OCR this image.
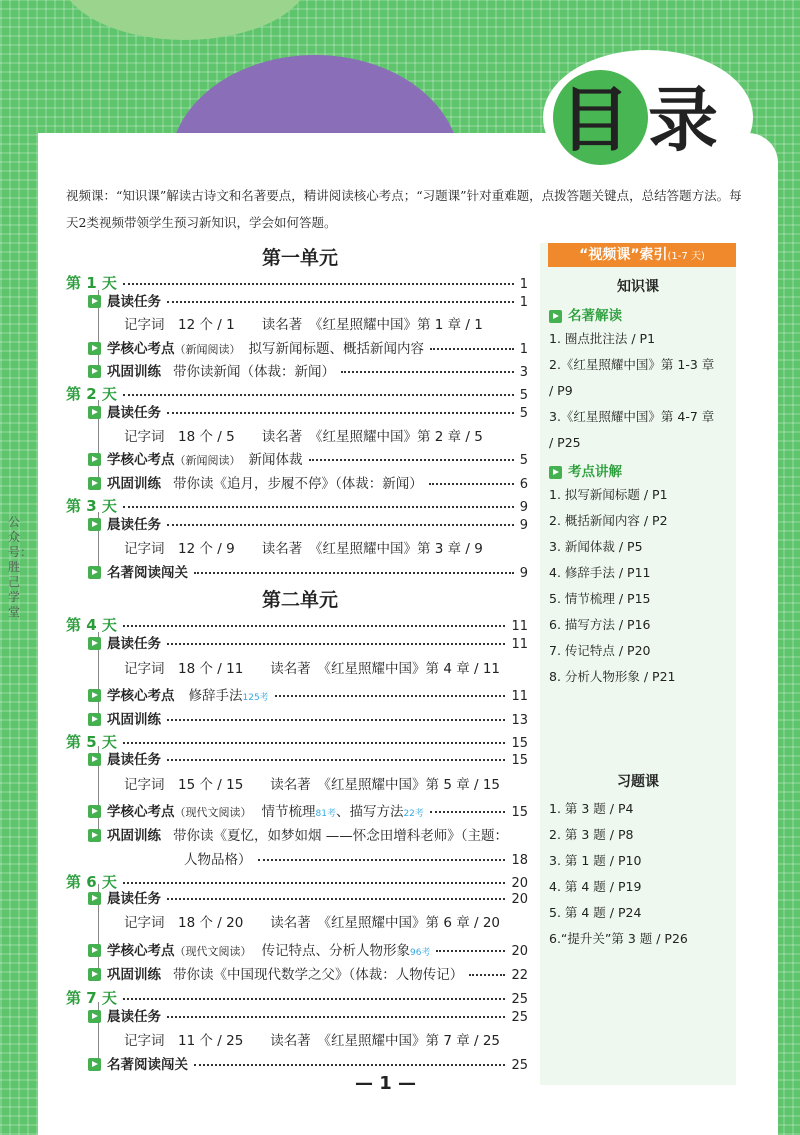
目录
视频课：“知识课”解读古诗文和名著要点，精讲阅读核心考点；“习题课”针对重难题，点拨答题关键点，总结答题方法。每天2类视频带领学生预习新知识，学会如何答题。
公众号：胜己学堂
第一单元
第二单元
第 1 天	1
晨读任务	1
记字词　12 个 / 1　　读名著　《红星照耀中国》第 1 章 / 1
学核心考点 （新闻阅读） 拟写新闻标题、概括新闻内容	1
巩固训练 带你读新闻（体裁：新闻）	3
第 2 天	5
晨读任务	5
记字词　18 个 / 5　　读名著　《红星照耀中国》第 2 章 / 5
学核心考点 （新闻阅读） 新闻体裁	5
巩固训练 带你读《追月，步履不停》（体裁：新闻）	6
第 3 天	9
晨读任务	9
记字词　12 个 / 9　　读名著　《红星照耀中国》第 3 章 / 9
名著阅读闯关	9
第 4 天	11
晨读任务	11
记字词　18 个 / 11　　读名著　《红星照耀中国》第 4 章 / 11
学核心考点 修辞手法 125考	11
巩固训练	13
第 5 天	15
晨读任务	15
记字词　15 个 / 15　　读名著　《红星照耀中国》第 5 章 / 15
学核心考点 （现代文阅读） 情节梳理 81考 、描写方法 22考	15
巩固训练 带你读《夏忆，如梦如烟 ——怀念田增科老师》（主题：
人物品格）	18
第 6 天	20
晨读任务	20
记字词　18 个 / 20　　读名著　《红星照耀中国》第 6 章 / 20
学核心考点 （现代文阅读） 传记特点、分析人物形象 96考	20
巩固训练 带你读《中国现代数学之父》（体裁：人物传记）	22
第 7 天	25
晨读任务	25
记字词　11 个 / 25　　读名著　《红星照耀中国》第 7 章 / 25
名著阅读闯关	25
“视频课”索引(1-7 天)
知识课
名著解读
1. 圈点批注法 / P1
2.《红星照耀中国》第 1-3 章
/ P9
3.《红星照耀中国》第 4-7 章
/ P25
考点讲解
1. 拟写新闻标题 / P1
2. 概括新闻内容 / P2
3. 新闻体裁 / P5
4. 修辞手法 / P11
5. 情节梳理 / P15
6. 描写方法 / P16
7. 传记特点 / P20
8. 分析人物形象 / P21
习题课
1. 第 3 题 / P4
2. 第 3 题 / P8
3. 第 1 题 / P10
4. 第 4 题 / P19
5. 第 4 题 / P24
6.“提升关”第 3 题 / P26
— 1 —
